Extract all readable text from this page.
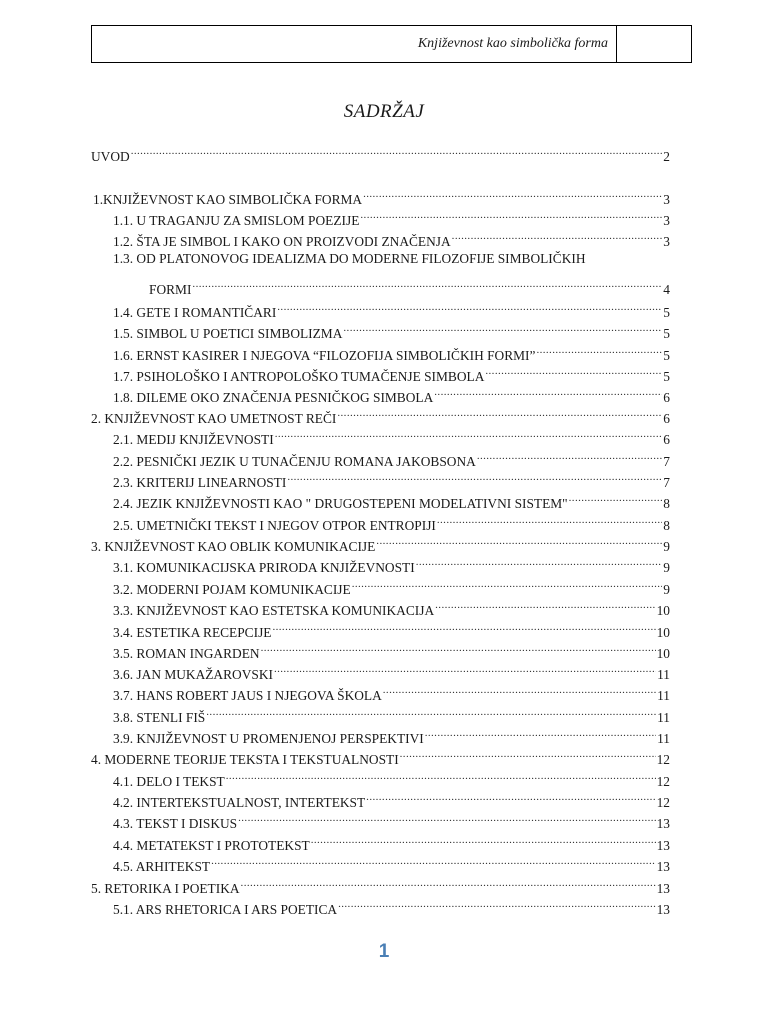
Književnost kao simbolička forma
SADRŽAJ
UVOD .....	2
1.KNJIŽEVNOST KAO SIMBOLIČKA FORMA .....	3
1.1. U TRAGANJU ZA SMISLOM POEZIJE .....	3
1.2. ŠTA JE SIMBOL I KAKO ON PROIZVODI ZNAČENJA .....	3
1.3. OD PLATONOVOG IDEALIZMA DO MODERNE FILOZOFIJE SIMBOLIČKIH
FORMI .....	4
1.4. GETE I ROMANTIČARI .....	5
1.5. SIMBOL U POETICI SIMBOLIZMA .....	5
1.6. ERNST KASIRER I NJEGOVA “FILOZOFIJA SIMBOLIČKIH FORMI” .....	5
1.7. PSIHOLOŠKO I ANTROPOLOŠKO TUMAČENJE SIMBOLA .....	5
1.8. DILEME OKO ZNAČENJA PESNIČKOG SIMBOLA .....	6
2. KNJIŽEVNOST KAO UMETNOST REČI .....	6
2.1. MEDIJ KNJIŽEVNOSTI .....	6
2.2. PESNIČKI JEZIK U TUNAČENJU ROMANA JAKOBSONA .....	7
2.3. KRITERIJ LINEARNOSTI .....	7
2.4. JEZIK KNJIŽEVNOSTI KAO " DRUGOSTEPENI MODELATIVNI SISTEM" .....	8
2.5. UMETNIČKI TEKST I NJEGOV OTPOR ENTROPIJI .....	8
3. KNJIŽEVNOST KAO OBLIK KOMUNIKACIJE .....	9
3.1. KOMUNIKACIJSKA PRIRODA KNJIŽEVNOSTI .....	9
3.2. MODERNI POJAM KOMUNIKACIJE .....	9
3.3. KNJIŽEVNOST KAO ESTETSKA KOMUNIKACIJA .....	10
3.4. ESTETIKA RECEPCIJE .....	10
3.5. ROMAN INGARDEN .....	10
3.6. JAN MUKAŽAROVSKI .....	11
3.7. HANS ROBERT JAUS I NJEGOVA ŠKOLA .....	11
3.8. STENLI FIŠ .....	11
3.9. KNJIŽEVNOST U PROMENJENOJ PERSPEKTIVI .....	11
4. MODERNE TEORIJE TEKSTA I TEKSTUALNOSTI .....	12
4.1. DELO I TEKST .....	12
4.2. INTERTEKSTUALNOST, INTERTEKST .....	12
4.3. TEKST I DISKUS .....	13
4.4. METATEKST I PROTOTEKST .....	13
4.5. ARHITEKST .....	13
5. RETORIKA I POETIKA .....	13
5.1. ARS RHETORICA I ARS POETICA .....	13
1
